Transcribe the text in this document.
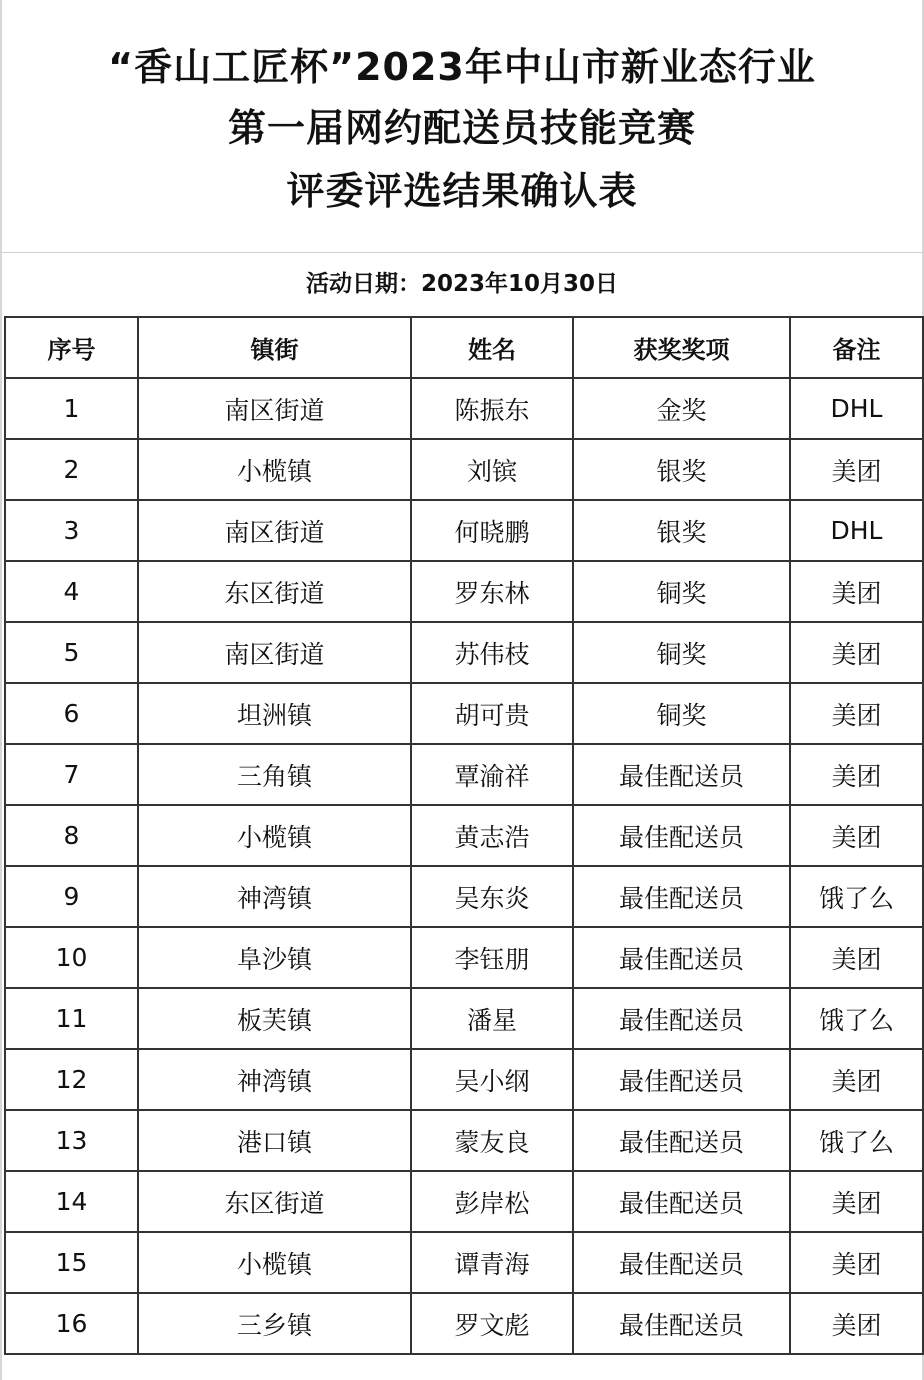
“香山工匠杯”2023年中山市新业态行业
第一届网约配送员技能竞赛
评委评选结果确认表
活动日期：2023年10月30日
序号	镇街	姓名	获奖奖项	备注
1	南区街道	陈振东	金奖	DHL
2	小榄镇	刘镔	银奖	美团
3	南区街道	何晓鹏	银奖	DHL
4	东区街道	罗东林	铜奖	美团
5	南区街道	苏伟枝	铜奖	美团
6	坦洲镇	胡可贵	铜奖	美团
7	三角镇	覃渝祥	最佳配送员	美团
8	小榄镇	黄志浩	最佳配送员	美团
9	神湾镇	吴东炎	最佳配送员	饿了么
10	阜沙镇	李钰朋	最佳配送员	美团
11	板芙镇	潘星	最佳配送员	饿了么
12	神湾镇	吴小纲	最佳配送员	美团
13	港口镇	蒙友良	最佳配送员	饿了么
14	东区街道	彭岸松	最佳配送员	美团
15	小榄镇	谭青海	最佳配送员	美团
16	三乡镇	罗文彪	最佳配送员	美团
